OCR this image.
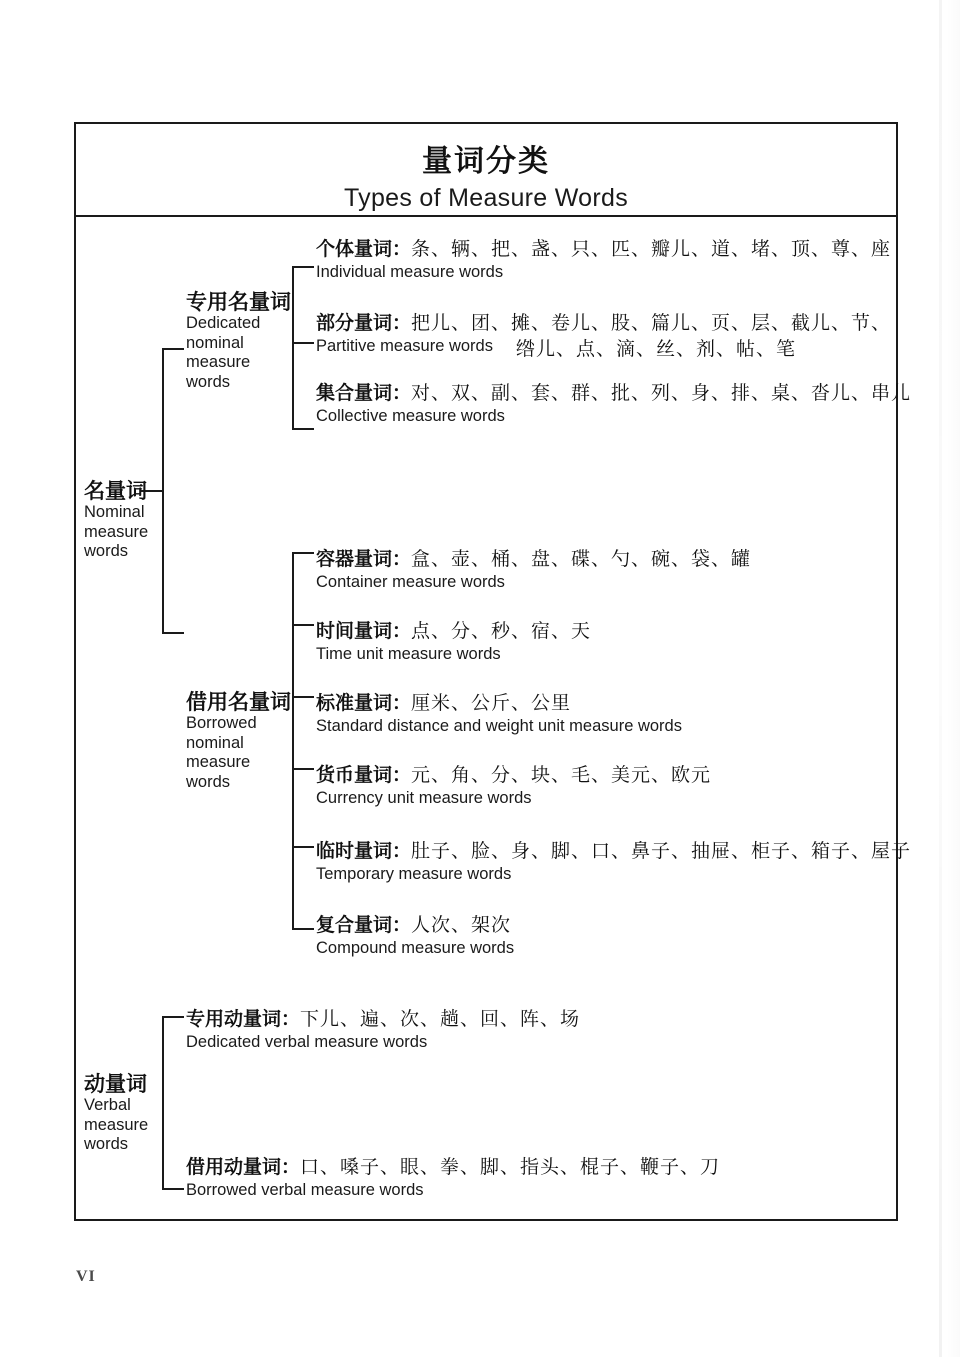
量词分类
Types of Measure Words
名量词
Nominal measure words
专用名量词
Dedicated nominal measure words
借用名量词
Borrowed nominal measure words
动量词
Verbal measure words
个体量词：条、辆、把、盏、只、匹、瓣儿、道、堵、顶、尊、座
Individual measure words
部分量词：把儿、团、摊、卷儿、股、篇儿、页、层、截儿、节、
Partitive measure words	绺儿、点、滴、丝、剂、帖、笔
集合量词：对、双、副、套、群、批、列、身、排、桌、沓儿、串儿
Collective measure words
容器量词：盒、壶、桶、盘、碟、勺、碗、袋、罐
Container measure words
时间量词：点、分、秒、宿、天
Time unit measure words
标准量词：厘米、公斤、公里
Standard distance and weight unit measure words
货币量词：元、角、分、块、毛、美元、欧元
Currency unit measure words
临时量词：肚子、脸、身、脚、口、鼻子、抽屉、柜子、箱子、屋子
Temporary measure words
复合量词：人次、架次
Compound measure words
专用动量词：下儿、遍、次、趟、回、阵、场
Dedicated verbal measure words
借用动量词：口、嗓子、眼、拳、脚、指头、棍子、鞭子、刀
Borrowed verbal measure words
VI
